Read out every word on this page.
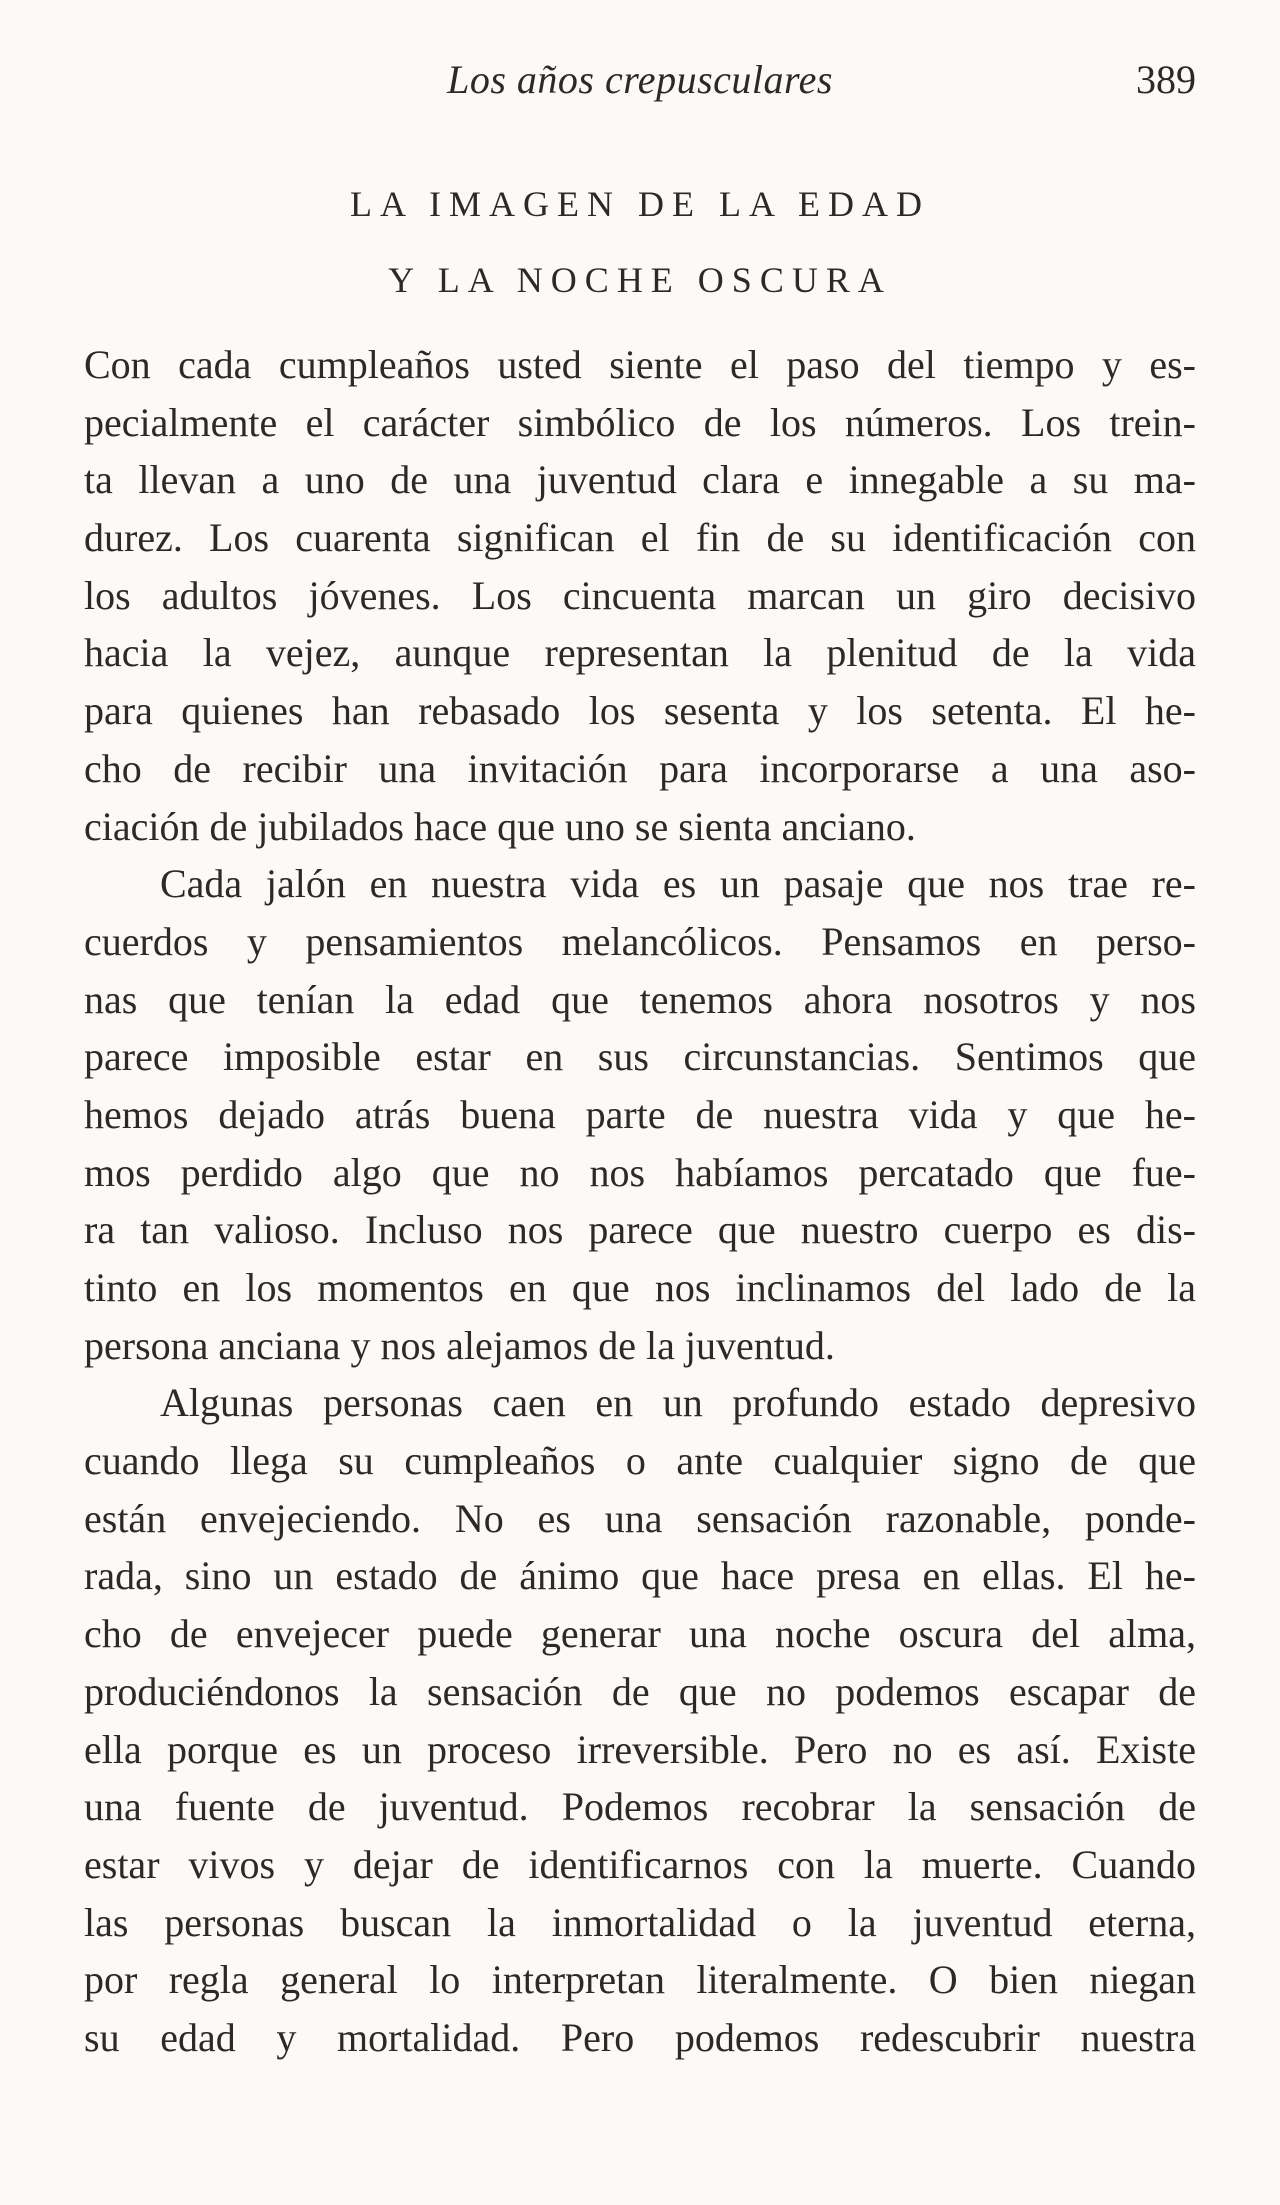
Los años crepusculares	389
LA IMAGEN DE LA EDAD
Y LA NOCHE OSCURA
Con cada cumpleaños usted siente el paso del tiempo y es-
pecialmente el carácter simbólico de los números. Los trein-
ta llevan a uno de una juventud clara e innegable a su ma-
durez. Los cuarenta significan el fin de su identificación con
los adultos jóvenes. Los cincuenta marcan un giro decisivo
hacia la vejez, aunque representan la plenitud de la vida
para quienes han rebasado los sesenta y los setenta. El he-
cho de recibir una invitación para incorporarse a una aso-
ciación de jubilados hace que uno se sienta anciano.
Cada jalón en nuestra vida es un pasaje que nos trae re-
cuerdos y pensamientos melancólicos. Pensamos en perso-
nas que tenían la edad que tenemos ahora nosotros y nos
parece imposible estar en sus circunstancias. Sentimos que
hemos dejado atrás buena parte de nuestra vida y que he-
mos perdido algo que no nos habíamos percatado que fue-
ra tan valioso. Incluso nos parece que nuestro cuerpo es dis-
tinto en los momentos en que nos inclinamos del lado de la
persona anciana y nos alejamos de la juventud.
Algunas personas caen en un profundo estado depresivo
cuando llega su cumpleaños o ante cualquier signo de que
están envejeciendo. No es una sensación razonable, ponde-
rada, sino un estado de ánimo que hace presa en ellas. El he-
cho de envejecer puede generar una noche oscura del alma,
produciéndonos la sensación de que no podemos escapar de
ella porque es un proceso irreversible. Pero no es así. Existe
una fuente de juventud. Podemos recobrar la sensación de
estar vivos y dejar de identificarnos con la muerte. Cuando
las personas buscan la inmortalidad o la juventud eterna,
por regla general lo interpretan literalmente. O bien niegan
su edad y mortalidad. Pero podemos redescubrir nuestra
